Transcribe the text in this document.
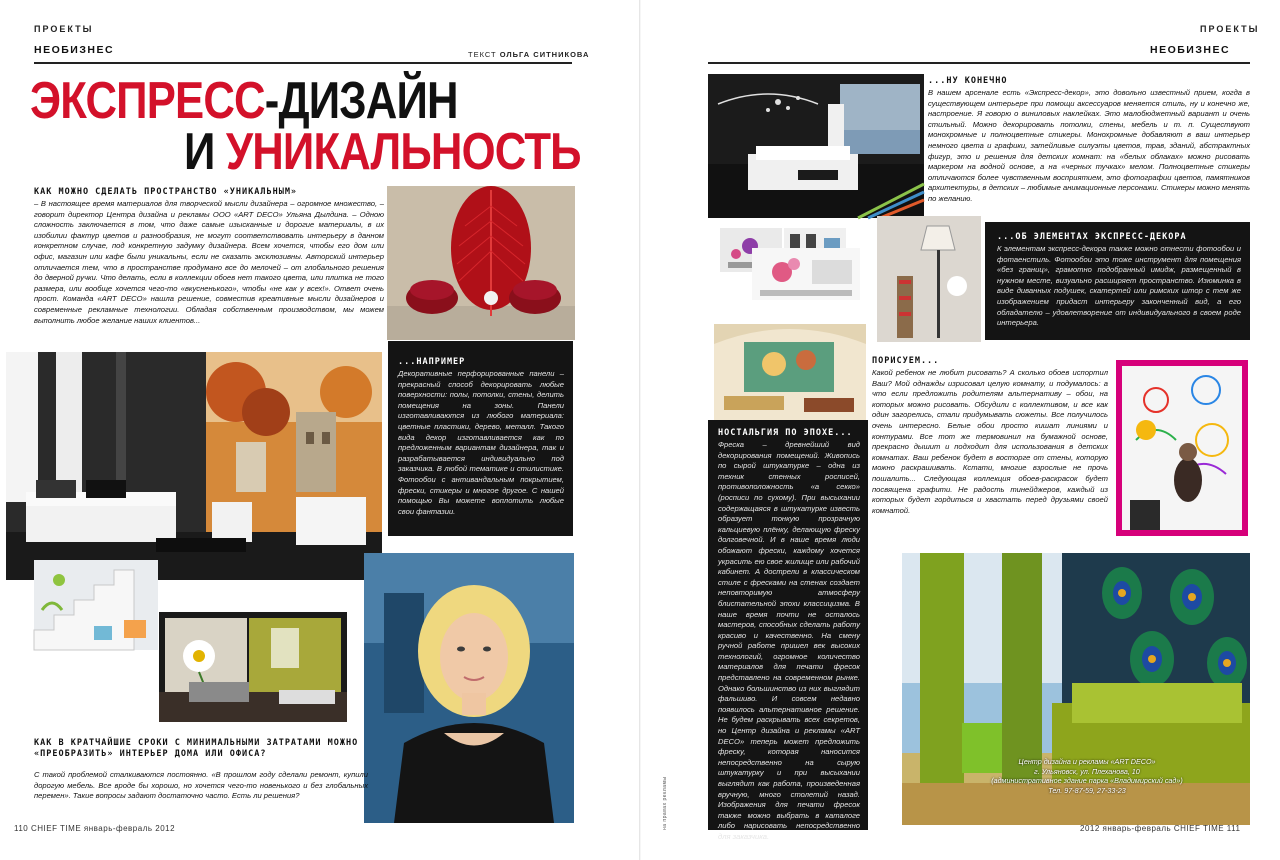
ПРОЕКТЫ
НЕОБИЗНЕС	ТЕКСТ ОЛЬГА СИТНИКОВА
ЭКСПРЕСС-ДИЗАЙН
И УНИКАЛЬНОСТЬ
КАК МОЖНО СДЕЛАТЬ ПРОСТРАНСТВО «УНИКАЛЬНЫМ»
– В настоящее время материалов для творческой мысли дизайнера – огромное множество, – говорит директор Центра дизайна и рекламы ООО «ART DECO» Ульяна Дылдина. – Одною сложность заключается в том, что даже самые изысканные и дорогие материалы, в их изобилии фактур цветов и разнообразия, не могут соответствовать интерьеру в данном конкретном случае, под конкретную задумку дизайнера. Всем хочется, чтобы его дом или офис, магазин или кафе были уникальны, если не сказать эксклюзивны. Авторский интерьер отличается тем, что в пространстве продумано все до мелочей – от глобального решения до дверной ручки. Что делать, если в коллекции обоев нет такого цвета, или плитка не того размера, или вообще хочется чего-то «вкусненького», чтобы «не как у всех!». Ответ очень прост. Команда «ART DECO» нашла решение, совместив креативные мысли дизайнеров и современные рекламные технологии. Обладая собственным производством, мы можем выполнить любое желание наших клиентов...
...НАПРИМЕР
Декоративные перфорированные панели – прекрасный способ декорировать любые поверхности: полы, потолки, стены, делить помещения на зоны. Панели изготавливаются из любого материала: цветные пластики, дерево, металл. Такого вида декор изготавливается как по предложенным вариантам дизайнера, так и разрабатывается индивидуально под заказчика. В любой тематике и стилистике. Фотообои с антивандальным покрытием, фрески, стикеры и многое другое. С нашей помощью Вы можете воплотить любые свои фантазии.
КАК В КРАТЧАЙШИЕ СРОКИ С МИНИМАЛЬНЫМИ ЗАТРАТАМИ МОЖНО «ПРЕОБРАЗИТЬ» ИНТЕРЬЕР ДОМА ИЛИ ОФИСА?
С такой проблемой сталкиваются постоянно. «В прошлом году сделали ремонт, купили дорогую мебель. Все вроде бы хорошо, но хочется чего-то новенького и без глобальных перемен». Такие вопросы задают достаточно часто. Есть ли решения?
110 CHIEF TIME январь-февраль 2012	на правах рекламы
ПРОЕКТЫ
НЕОБИЗНЕС
...НУ КОНЕЧНО
В нашем арсенале есть «Экспресс-декор», это довольно известный прием, когда в существующем интерьере при помощи аксессуаров меняется стиль, ну и конечно же, настроение. Я говорю о виниловых наклейках. Это малобюджетный вариант и очень стильный. Можно декорировать потолки, стены, мебель и т. п. Существуют монохромные и полноцветные стикеры. Монохромные добавляют в ваш интерьер немного цвета и графики, затейливые силуэты цветов, трав, зданий, абстрактных фигур, это и решения для детских комнат: на «белых облаках» можно рисовать маркером на водной основе, а на «черных тучках» мелом. Полноцветные стикеры отличаются более чувственным восприятием, это фотографии цветов, памятников архитектуры, в детских – любимые анимационные персонажи. Стикеры можно менять по желанию.
...ОБ ЭЛЕМЕНТАХ ЭКСПРЕСС-ДЕКОРА
К элементам экспресс-декора также можно отнести фотообои и фотаенстиль. Фотообои это тоже инструмент для помещения «без границ», грамотно подобранный имидж, размещенный в нужном месте, визуально расширяет пространство. Изюминка в виде диванных подушек, скатертей или римских штор с тем же изображением придаст интерьеру законченный вид, а его обладателю – удовлетворение от индивидуального в своем роде интерьера.
НОСТАЛЬГИЯ ПО ЭПОХЕ...
Фреска – древнейший вид декорирования помещений. Живопись по сырой штукатурке – одна из техник стенных росписей, противоположность «а секко» (росписи по сухому). При высыхании содержащаяся в штукатурке известь образует тонкую прозрачную кальциевую плёнку, делающую фреску долговечной. И в наше время люди обожают фрески, каждому хочется украсить ею свое жилище или рабочий кабинет. А дострели в классическом стиле с фресками на стенах создает неповторимую атмосферу блистательной эпохи классицизма. В наше время почти не осталось мастеров, способных сделать работу красиво и качественно. На смену ручной работе пришел век высоких технологий, огромное количество материалов для печати фресок представлено на современном рынке. Однако большинство из них выглядит фальшиво. И совсем недавно появилось альтернативное решение. Не будем раскрывать всех секретов, но Центр дизайна и рекламы «ART DECO» теперь может предложить фреску, которая наносится непосредственно на сырую штукатурку и при высыхании выглядит как работа, произведенная вручную, много столетий назад. Изображения для печати фресок также можно выбрать в каталоге либо нарисовать непосредственно для заказчика.
ПОРИСУЕМ...
Какой ребенок не любит рисовать? А сколько обоев испортил Ваш? Мой однажды изрисовал целую комнату, и подумалось: а что если предложить родителям альтернативу – обои, на которых можно рисовать. Обсудили с коллективом, и все как один загорелись, стали придумывать сюжеты. Все получилось очень интересно. Белые обои просто кишат линиями и контурами. Все тот же термовинил на бумажной основе, прекрасно дышит и подходит для использования в детских комнатах. Ваш ребенок будет в восторге от стены, которую можно раскрашивать. Кстати, многие взрослые не прочь пошалить... Следующая коллекция обоев-раскрасок будет посвящена графити. Не радость тинейджеров, каждый из которых будет гордиться и хвастать перед друзьями своей комнатой.
Центр дизайна и рекламы «ART DECO»
г. Ульяновск, ул. Плеханова, 10
(административное здание парка «Владимирский сад»)
Тел. 97-87-59, 27-33-23
2012 январь-февраль CHIEF TIME 111
